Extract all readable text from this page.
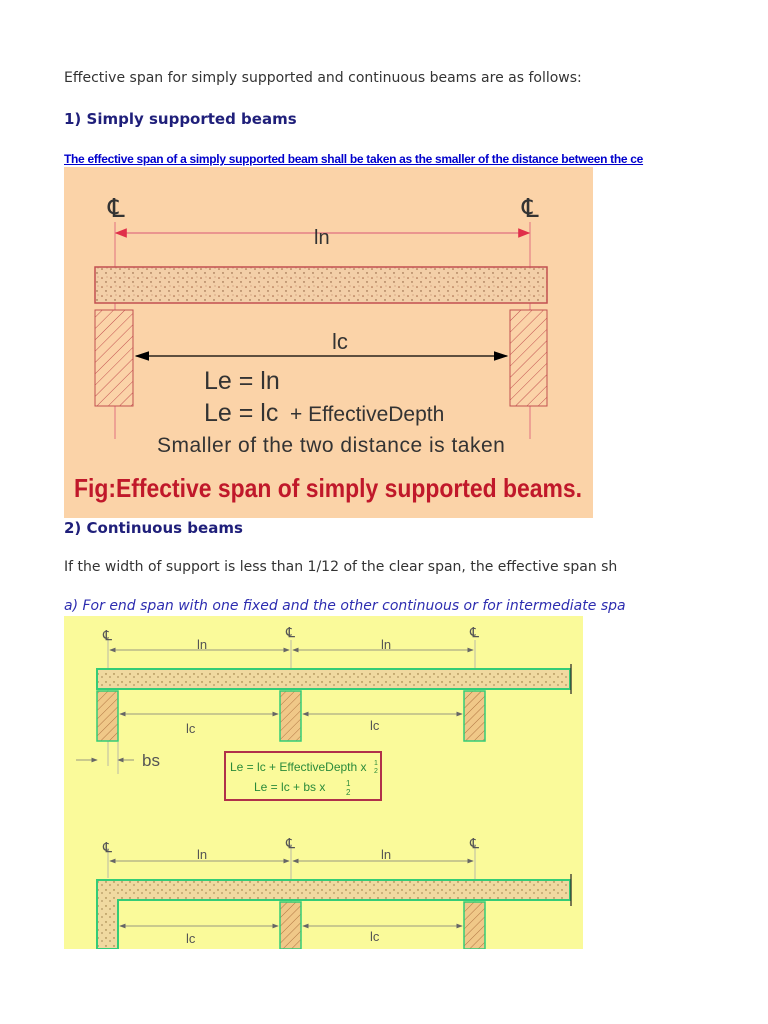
Effective span for simply supported and continuous beams are as follows:
1) Simply supported beams
The effective span of a simply supported beam shall be taken as the smaller of the distance between the ce
℄	℄
ln
lc
Le = ln
Le = lc + EffectiveDepth
Smaller of the two distance is taken
Fig:Effective span of simply supported beams.
2) Continuous beams
If the width of support is less than 1/12 of the clear span, the effective span sh
a) For end span with one fixed and the other continuous or for intermediate spa
℄	℄	℄
ln	ln
lc	lc
bs	Le = lc + EffectiveDepth x 1
2
Le = lc + bs x	1
2
℄	℄	℄
ln	ln
lc	lc
